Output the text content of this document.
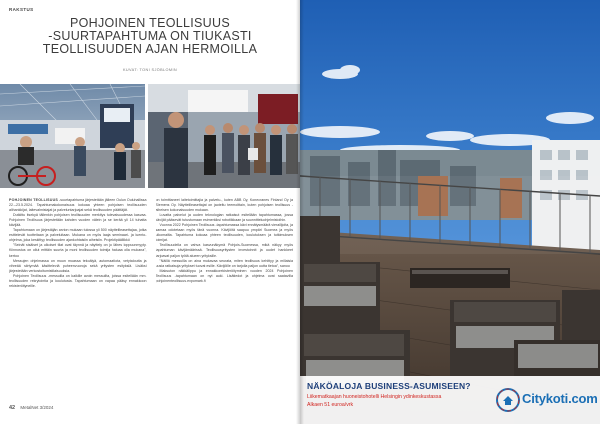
RAKSTUS
POHJOINEN TEOLLISUUS
-SUURTAPAHTUMA ON TIUKASTI
TEOLLISUUDEN AJAN HERMOILLA
KUVAT: TONI SJÖBLOMIN

POHJOINEN TEOLLISUUS -suurtapahtuma järjestetään jälleen Oulun Ouluhallissa 22.–23.5.2024. Tapahtumakokonaisuus kokoaa yhteen pohjoisen teollisuuden alihankkijat, laitevalmistajat ja palveluntarjoajat sekä teollisuuden päättäjät.

Dutkittu itsekyä tällenkin pohjoisen teollisuuden merkitys tulevaisuudessa kasvaa. Pohjoinen Teollisuus järjestetään kahden vuoden välein ja se kerää yli 14 tuhatta kävijää.

Tapahtumaan on järjestäjän arvion mukaan tulossa yli 500 näytteilleasettajaa, jotka esittelevät tuotteitaan ja palveluitaan. Mukana on myös laaja seminaari- ja luento-ohjelma, joka keskittyy teollisuuden ajankohtaisiin aiheisiin. Projektipäällikkö

"Seinät sisäiset ja ulkoiset tilat ovat täynnä ja näyttely on jo lähes loppuunmyyty. Kiinnostus on ollut erittäin suurta ja moni teollisuuden toimija haluaa olla mukana", kertoo

Messujen ohjelmassa on muun muassa tekoälyä, automaatiota, vetytaloutta ja vihreää siirtymää käsitteleviä puheenvuoroja sekä yritysten esityksiä. Lisäksi järjestetään verkostoitumistilaisuuksia.

Pohjoinen Teollisuus -messuilla on kaikille avoin messuilta, joissa esitellään mm. teollisuuden rekrytointia ja koulutusta. Tapahtumaan on vapaa pääsy ennakkoon rekisteröityneille.

on toimittaneet laitetoimittajia ja palvelu-, kuten ABB Oy, Konecranes Finland Oy ja Siemens Oy. Näytteilleasettajat on jaoteltu teemoittain, kuten pohjoisen teollisuus -aiheisen kokonaisuuden mukaan.

Luvatta palvelut ja uuden teknologian ratkaisut esitellään tapahtumassa, jossa kävijät pääsevät tutustumaan esimerkiksi robotiikkaan ja suunnitteluohjelmistoihin.

Vuonna 2022 Pohjoinen Teollisuus -tapahtumassa kävi ennätysmäärä vierailijoita, ja samaa odotetaan myös tänä vuonna. Kävijöitä saapuu ympäri Suomea ja myös ulkomailta. Tapahtuma kokoaa yhteen teollisuuden, koulutuksen ja tutkimuksen toimijat.

Teollisuudella on vahva kasvunäkymä Pohjois-Suomessa, mikä näkyy myös tapahtuman kävijämäärissä. Teollisuusyritysten investoinnit ja uudet hankkeet tarjoavat paljon työtä alueen yrityksille.

"Näillä messuilla on aina mukavaa seurata, miten teollisuus kehittyy ja millaisia uusia ratkaisuja yritykset tuovat esille. Kävijöille on tarjolla paljon uutta tietoa", sanoo

Maksuton näkkälippu ja ennakkorekisteröityminen vuoden 2024 Pohjoinen Teollisuus -tapahtumaan on nyt auki. Lisätiedot ja ohjelma ovat saatavilla pohjoinenteollisuus.expomark.fi

42 MetalNet 3/2024
NÄKÖALOJA BUSINESS-ASUMISEEN?
Liikematkaajan huoneistohotelli Helsingin ydinkeskustassa
Alkaen 51 euroa/vrk	Citykoti.com
